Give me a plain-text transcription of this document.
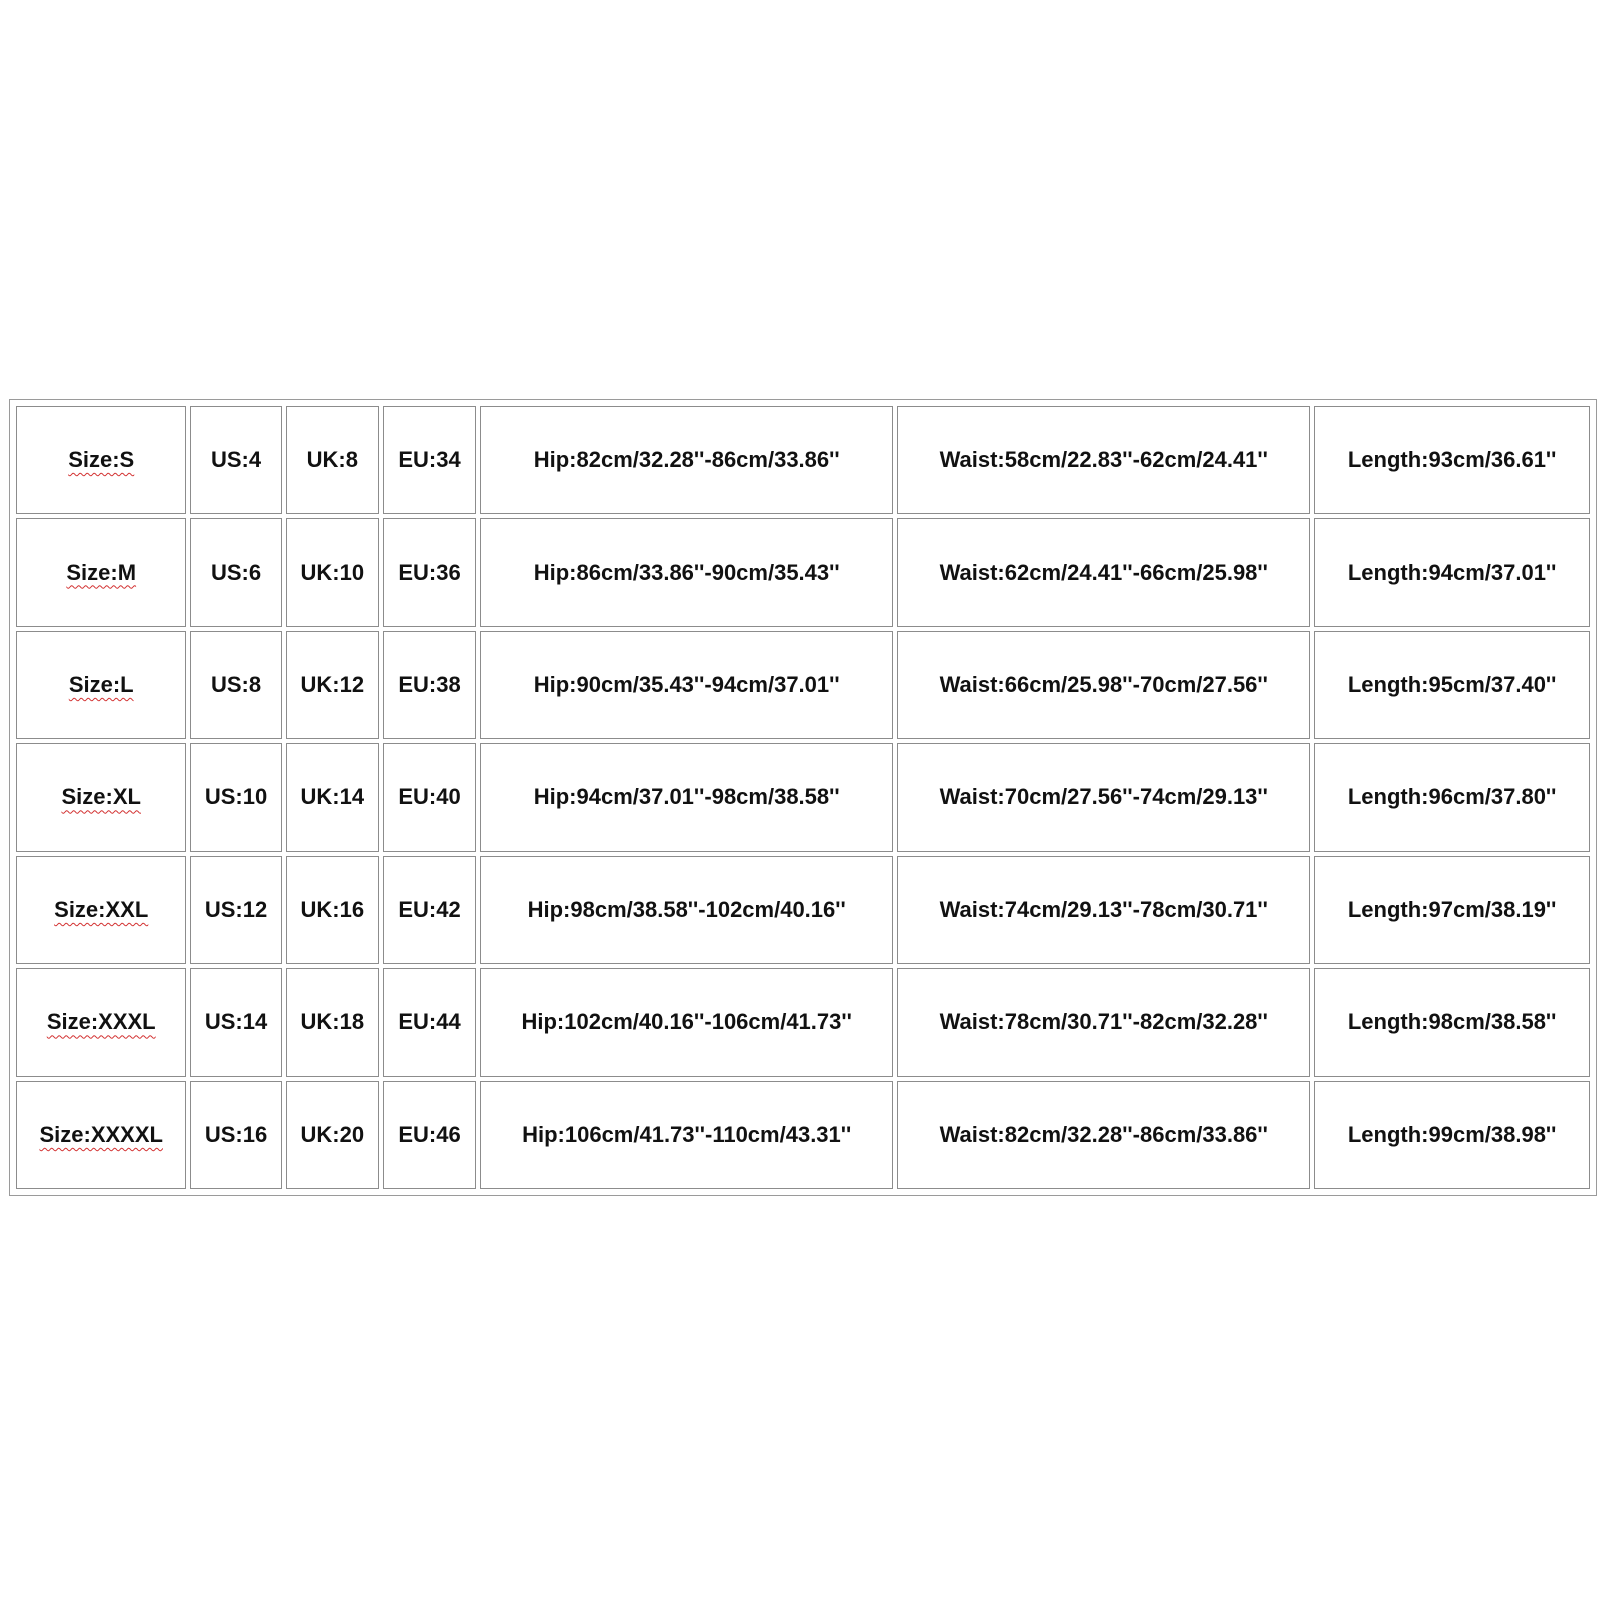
Size:S	US:4	UK:8	EU:34	Hip:82cm/32.28''-86cm/33.86''	Waist:58cm/22.83''-62cm/24.41''	Length:93cm/36.61''
Size:M	US:6	UK:10	EU:36	Hip:86cm/33.86''-90cm/35.43''	Waist:62cm/24.41''-66cm/25.98''	Length:94cm/37.01''
Size:L	US:8	UK:12	EU:38	Hip:90cm/35.43''-94cm/37.01''	Waist:66cm/25.98''-70cm/27.56''	Length:95cm/37.40''
Size:XL	US:10	UK:14	EU:40	Hip:94cm/37.01''-98cm/38.58''	Waist:70cm/27.56''-74cm/29.13''	Length:96cm/37.80''
Size:XXL	US:12	UK:16	EU:42	Hip:98cm/38.58''-102cm/40.16''	Waist:74cm/29.13''-78cm/30.71''	Length:97cm/38.19''
Size:XXXL	US:14	UK:18	EU:44	Hip:102cm/40.16''-106cm/41.73''	Waist:78cm/30.71''-82cm/32.28''	Length:98cm/38.58''
Size:XXXXL	US:16	UK:20	EU:46	Hip:106cm/41.73''-110cm/43.31''	Waist:82cm/32.28''-86cm/33.86''	Length:99cm/38.98''
